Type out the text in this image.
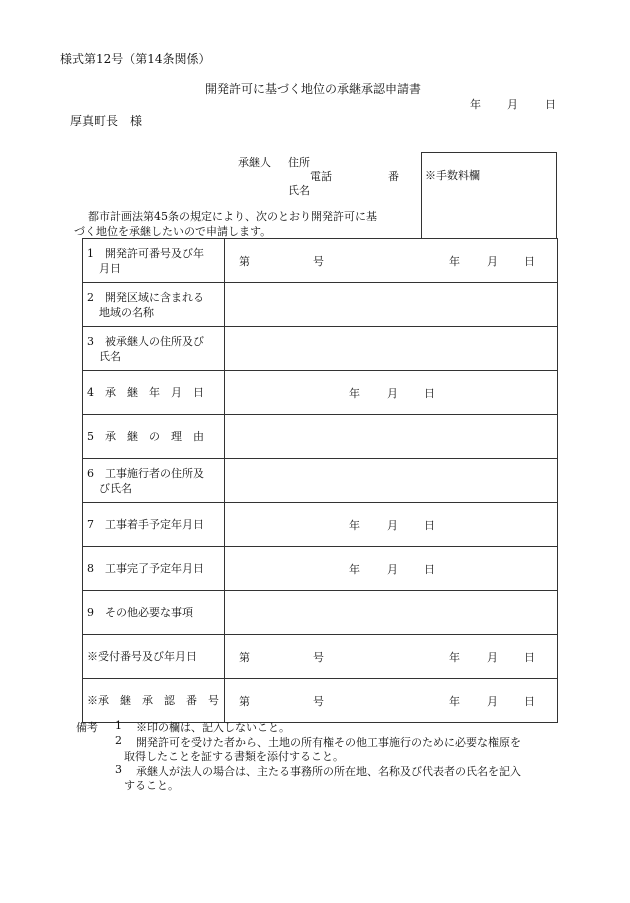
様式第12号（第14条関係）
開発許可に基づく地位の承継承認申請書
年 月 日
厚真町長　様
承継人 住所
電話	番
氏名
※手数料欄
都市計画法第45条の規定により、次のとおり開発許可に基
づく地位を承継したいので申請します。
1　開発許可番号及び年
月日	第 号 年 月 日

2　開発区域に含まれる
地域の名称	

3　被承継人の住所及び
氏名	

4　承　継　年　月　日	年 月 日

5　承　継　の　理　由	
6　工事施行者の住所及
び氏名	

7　工事着手予定年月日	年 月 日

8　工事完了予定年月日	年 月 日

9　その他必要な事項	
※受付番号及び年月日	第 号 年 月 日

※承　継　承　認　番　号	第 号 年 月 日
備考 1 ※印の欄は、記入しないこと。
2 開発許可を受けた者から、土地の所有権その他工事施行のために必要な権原を
取得したことを証する書類を添付すること。
3 承継人が法人の場合は、主たる事務所の所在地、名称及び代表者の氏名を記入
すること。
